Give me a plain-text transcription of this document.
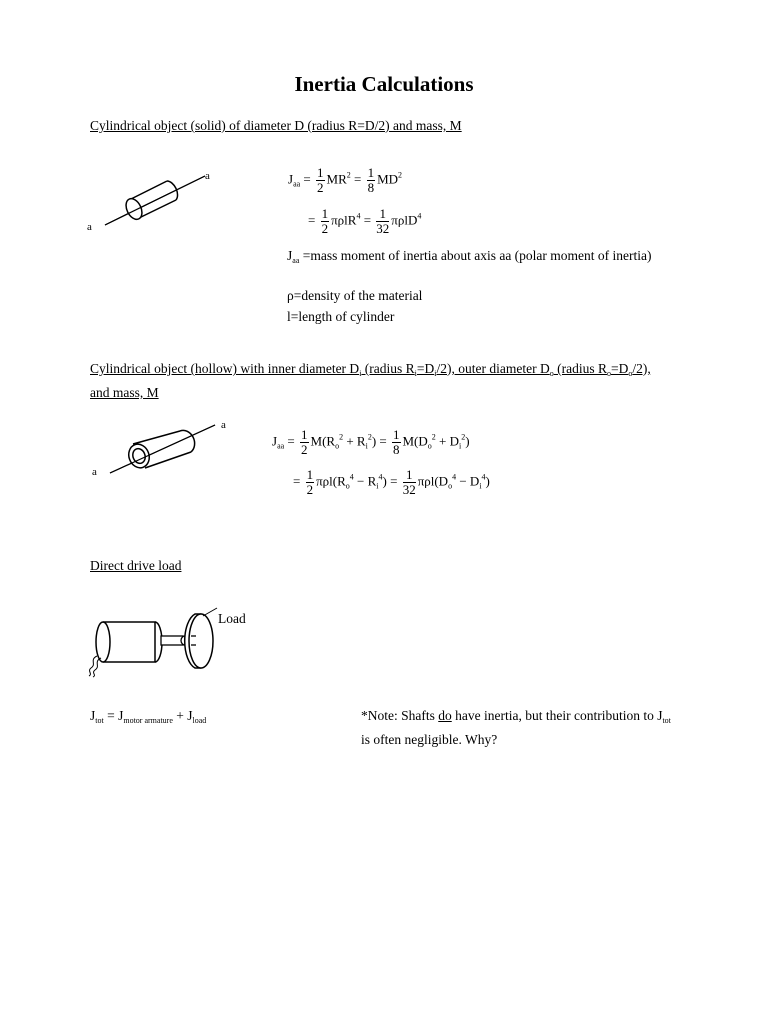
Inertia Calculations
Cylindrical object (solid) of diameter D (radius R=D/2) and mass, M
a
a
$J_{aa} = \frac{1}{2} MR^2 = \frac{1}{8} MD^2$
= $\frac{1}{2} \pi\rho lR^4 = \frac{1}{32} \pi\rho lD^4$
$J_{aa}$ =mass moment of inertia about axis aa (polar moment of inertia)
ρ=density of the material
l=length of cylinder
Cylindrical object (hollow) with inner diameter $D_i$ (radius $R_i=D_i/2$), outer diameter $D_o$ (radius $R_o=D_o/2$), and mass, M
a
a
$J_{aa} = \frac{1}{2} M(R_o^2 + R_i^2) = \frac{1}{8} M(D_o^2 + D_i^2)$
= $\frac{1}{2} \pi\rho l(R_o^4 - R_i^4) = \frac{1}{32} \pi\rho l(D_o^4 - D_i^4)$
Direct drive load
Load
$J_{tot} = J_{motor armature} + J_{load}$	*Note: Shafts do have inertia, but their contribution to $J_{tot}$ is often negligible. Why?
